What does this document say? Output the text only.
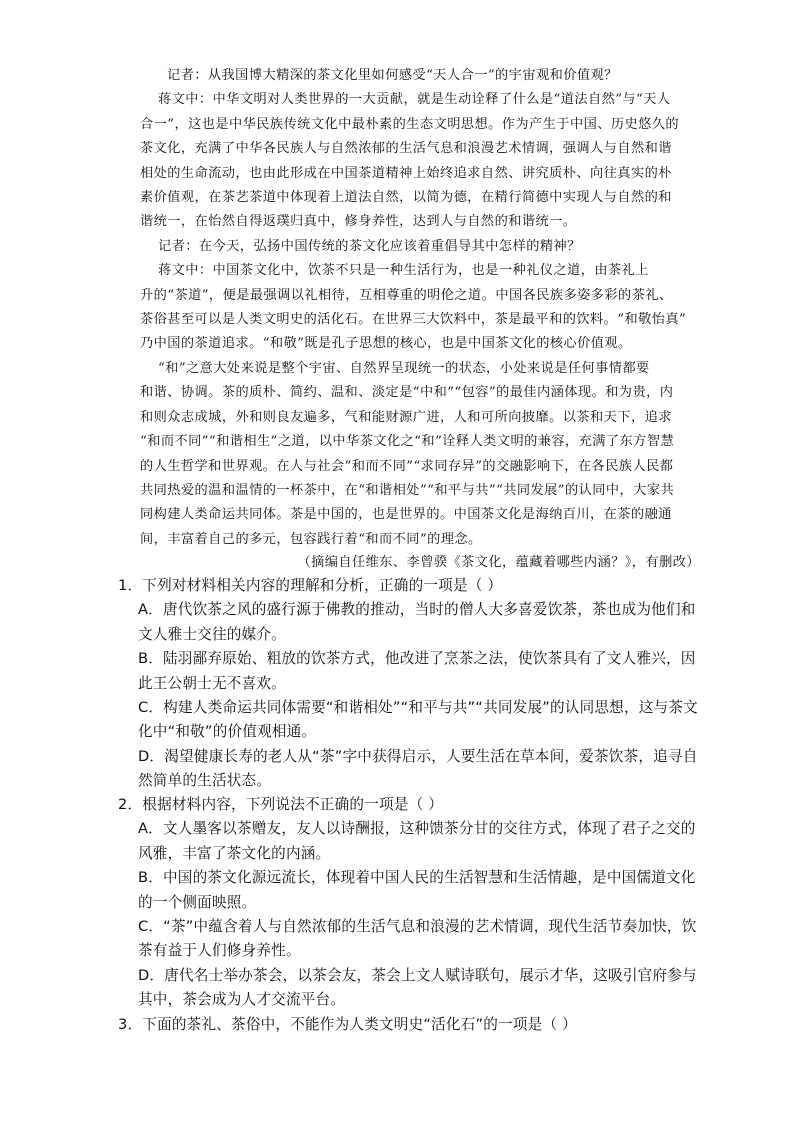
记者：从我国博大精深的茶文化里如何感受“天人合一”的宇宙观和价值观？
蒋文中：中华文明对人类世界的一大贡献，就是生动诠释了什么是“道法自然”与“天人
合一”，这也是中华民族传统文化中最朴素的生态文明思想。作为产生于中国、历史悠久的
茶文化，充满了中华各民族人与自然浓郁的生活气息和浪漫艺术情调，强调人与自然和谐
相处的生命流动，也由此形成在中国茶道精神上始终追求自然、讲究质朴、向往真实的朴
素价值观，在茶艺茶道中体现着上道法自然，以简为德，在精行简德中实现人与自然的和
谐统一，在怡然自得返璞归真中，修身养性，达到人与自然的和谐统一。
记者：在今天，弘扬中国传统的茶文化应该着重倡导其中怎样的精神？
蒋文中：中国茶文化中，饮茶不只是一种生活行为，也是一种礼仪之道，由茶礼上
升的“茶道”，便是最强调以礼相待，互相尊重的明伦之道。中国各民族多姿多彩的茶礼、
茶俗甚至可以是人类文明史的活化石。在世界三大饮料中，茶是最平和的饮料。“和敬怡真”
乃中国的茶道追求。“和敬”既是孔子思想的核心，也是中国茶文化的核心价值观。
“和”之意大处来说是整个宇宙、自然界呈现统一的状态，小处来说是任何事情都要
和谐、协调。茶的质朴、简约、温和、淡定是“中和”“包容”的最佳内涵体现。和为贵，内
和则众志成城，外和则良友遍多，气和能财源广进，人和可所向披靡。以茶和天下，追求
“和而不同”“和谐相生”之道，以中华茶文化之“和”诠释人类文明的兼容，充满了东方智慧
的人生哲学和世界观。在人与社会“和而不同”“求同存异”的交融影响下，在各民族人民都
共同热爱的温和温情的一杯茶中，在“和谐相处”“和平与共”“共同发展”的认同中，大家共
同构建人类命运共同体。茶是中国的，也是世界的。中国茶文化是海纳百川，在茶的融通
间，丰富着自己的多元，包容践行着“和而不同”的理念。
（摘编自任维东、李曾骙《茶文化，蕴藏着哪些内涵？》，有删改）
1．下列对材料相关内容的理解和分析，正确的一项是（ ）
A．唐代饮茶之风的盛行源于佛教的推动，当时的僧人大多喜爱饮茶，茶也成为他们和
文人雅士交往的媒介。
B．陆羽鄙弃原始、粗放的饮茶方式，他改进了烹茶之法，使饮茶具有了文人雅兴，因
此王公朝士无不喜欢。
C．构建人类命运共同体需要“和谐相处”“和平与共”“共同发展”的认同思想，这与茶文
化中“和敬”的价值观相通。
D．渴望健康长寿的老人从“茶”字中获得启示，人要生活在草本间，爱茶饮茶，追寻自
然简单的生活状态。
2．根据材料内容，下列说法不正确的一项是（ ）
A．文人墨客以茶赠友，友人以诗酬报，这种馈茶分甘的交往方式，体现了君子之交的
风雅，丰富了茶文化的内涵。
B．中国的茶文化源远流长，体现着中国人民的生活智慧和生活情趣，是中国儒道文化
的一个侧面映照。
C．“茶”中蕴含着人与自然浓郁的生活气息和浪漫的艺术情调，现代生活节奏加快，饮
茶有益于人们修身养性。
D．唐代名士举办茶会，以茶会友，茶会上文人赋诗联句，展示才华，这吸引官府参与
其中，茶会成为人才交流平台。
3．下面的茶礼、茶俗中，不能作为人类文明史“活化石”的一项是（ ）
